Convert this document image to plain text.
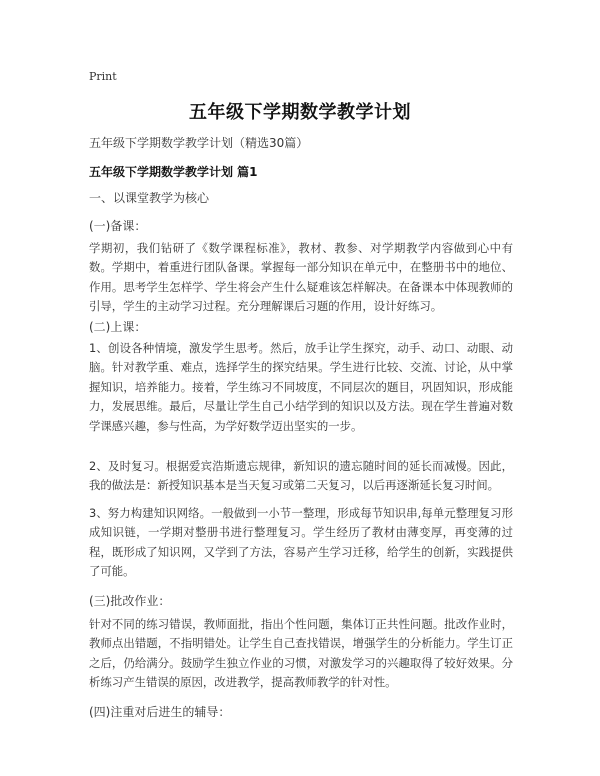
Print
五年级下学期数学教学计划
五年级下学期数学教学计划（精选30篇）
五年级下学期数学教学计划 篇1
一、以课堂教学为核心
(一)备课：
学期初，我们钻研了《数学课程标准》，教材、教参、对学期教学内容做到心中有数。学期中，着重进行团队备课。掌握每一部分知识在单元中，在整册书中的地位、作用。思考学生怎样学、学生将会产生什么疑难该怎样解决。在备课本中体现教师的引导，学生的主动学习过程。充分理解课后习题的作用，设计好练习。
(二)上课：
1、创设各种情境，激发学生思考。然后，放手让学生探究，动手、动口、动眼、动脑。针对教学重、难点，选择学生的探究结果。学生进行比较、交流、讨论，从中掌握知识，培养能力。接着，学生练习不同坡度，不同层次的题目，巩固知识，形成能力，发展思维。最后，尽量让学生自己小结学到的知识以及方法。现在学生普遍对数学课感兴趣，参与性高，为学好数学迈出坚实的一步。
2、及时复习。根据爱宾浩斯遗忘规律，新知识的遗忘随时间的延长而减慢。因此，我的做法是：新授知识基本是当天复习或第二天复习，以后再逐渐延长复习时间。
3、努力构建知识网络。一般做到一小节一整理，形成每节知识串,每单元整理复习形成知识链，一学期对整册书进行整理复习。学生经历了教材由薄变厚，再变薄的过程，既形成了知识网，又学到了方法，容易产生学习迁移，给学生的创新，实践提供了可能。
(三)批改作业：
针对不同的练习错误，教师面批，指出个性问题，集体订正共性问题。批改作业时，教师点出错题，不指明错处。让学生自己查找错误，增强学生的分析能力。学生订正之后，仍给满分。鼓励学生独立作业的习惯，对激发学习的兴趣取得了较好效果。分析练习产生错误的原因，改进教学，提高教师教学的针对性。
(四)注重对后进生的辅导：
